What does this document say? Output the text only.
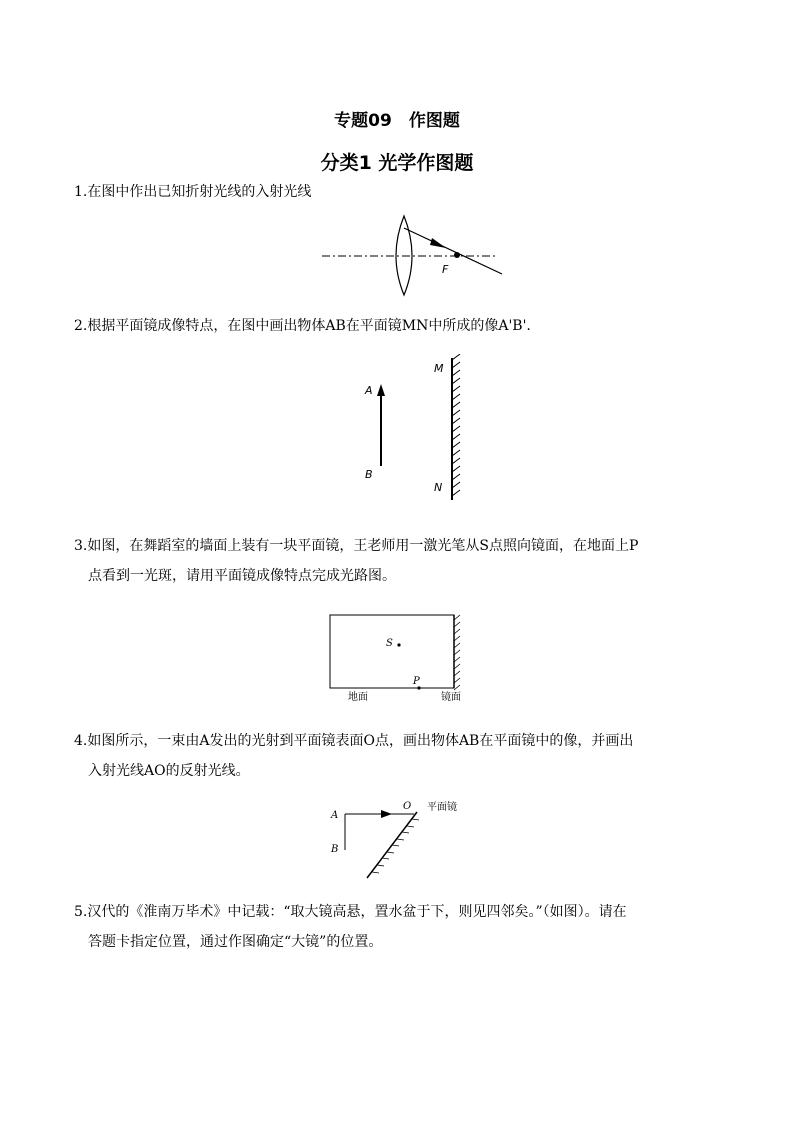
专题09　作图题
分类1 光学作图题
1.在图中作出已知折射光线的入射光线
F
2.根据平面镜成像特点，在图中画出物体AB在平面镜MN中所成的像A'B'.
A
B
M
N
3.如图，在舞蹈室的墙面上装有一块平面镜，王老师用一激光笔从S点照向镜面，在地面上P
点看到一光斑，请用平面镜成像特点完成光路图。
S
P
地面	镜面
4.如图所示，一束由A发出的光射到平面镜表面O点，画出物体AB在平面镜中的像，并画出
入射光线AO的反射光线。
A
B
O 平面镜
5.汉代的《淮南万毕术》中记载：“取大镜高悬，置水盆于下，则见四邻矣。”（如图）。请在
答题卡指定位置，通过作图确定“大镜”的位置。
